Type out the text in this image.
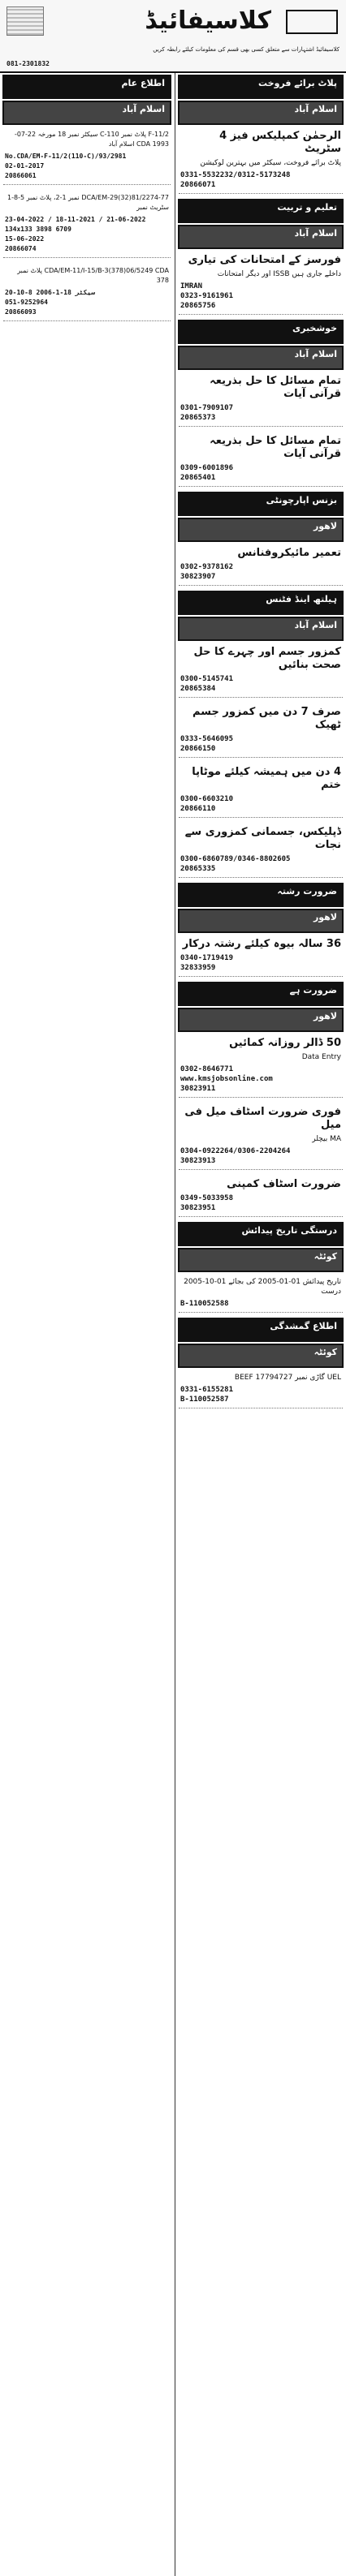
کلاسیفائیڈ
کلاسیفائیڈ اشتہارات سے متعلق کسی بھی قسم کی معلومات کیلئے رابطہ کریں
081-2301832
پلاٹ برائے فروخت
اسلام آباد
الرحمٰن کمپلیکس فیز 4 سٹریٹ

پلاٹ برائے فروخت، سیکٹر میں بہترین لوکیشن

0331-5532232/0312-5173248
20866071
تعلیم و تربیت
اسلام آباد
فورسز کے امتحانات کی تیاری

داخلے جاری ہیں ISSB اور دیگر امتحانات

IMRAN
0323-9161961
20865756
خوشخبری
اسلام آباد
تمام مسائل کا حل بذریعہ قرآنی آیات
0301-7909107
20865373
تمام مسائل کا حل بذریعہ قرآنی آیات
0309-6001896
20865401
بزنس اپارچونٹی
لاھور
تعمیر مائیکروفنانس
0302-9378162
30823907
ہیلتھ اینڈ فٹنس
اسلام آباد
کمزور جسم اور چہرے کا حل صحت بنائیں
0300-5145741
20865384
صرف 7 دن میں کمزور جسم ٹھیک
0333-5646095
20866150
4 دن میں ہمیشہ کیلئے موٹاپا ختم
0300-6603210
20866110
ڈپلیکس، جسمانی کمزوری سے نجات
0300-6860789/0346-8802605
20865335
ضرورت رشتہ
لاھور
36 سالہ بیوہ کیلئے رشتہ درکار
0340-1719419
32833959
ضرورت ہے
لاھور
50 ڈالر روزانہ کمائیں

Data Entry

0302-8646771
www.kmsjobsonline.com
30823911
فوری ضرورت اسٹاف میل فی میل

MA بیچلر

0304-0922264/0306-2204264
30823913
ضرورت اسٹاف کمپنی
0349-5033958
30823951
درستگی تاریخ پیدائش
کوئٹہ

تاریخ پیدائش 01-01-2005 کی بجائے 01-10-2005 درست

B-110052588
اطلاع گمشدگی
کوئٹہ

UEL گاڑی نمبر 17794727 BEEF

0331-6155281
B-110052587
اطلاع عام
اسلام آباد

F-11/2 پلاٹ نمبر 110-C سیکٹر نمبر 18 مورخہ 22-07-1993 CDA اسلام آباد

No.CDA/EM-F-11/2(110-C)/93/2981
02-01-2017
20866061

DCA/EM-29(32)81/2274-77 نمبر 1-2، پلاٹ نمبر 5-8-1 سٹریٹ نمبر

23-04-2022 / 18-11-2021 / 21-06-2022
134x133 3898 6709
15-06-2022
20866074

CDA/EM-11/I-15/B-3(378)06/5249 CDA پلاٹ نمبر 378

20-10-8 سیکٹر 18-1-2006
051-9252964
20866093
